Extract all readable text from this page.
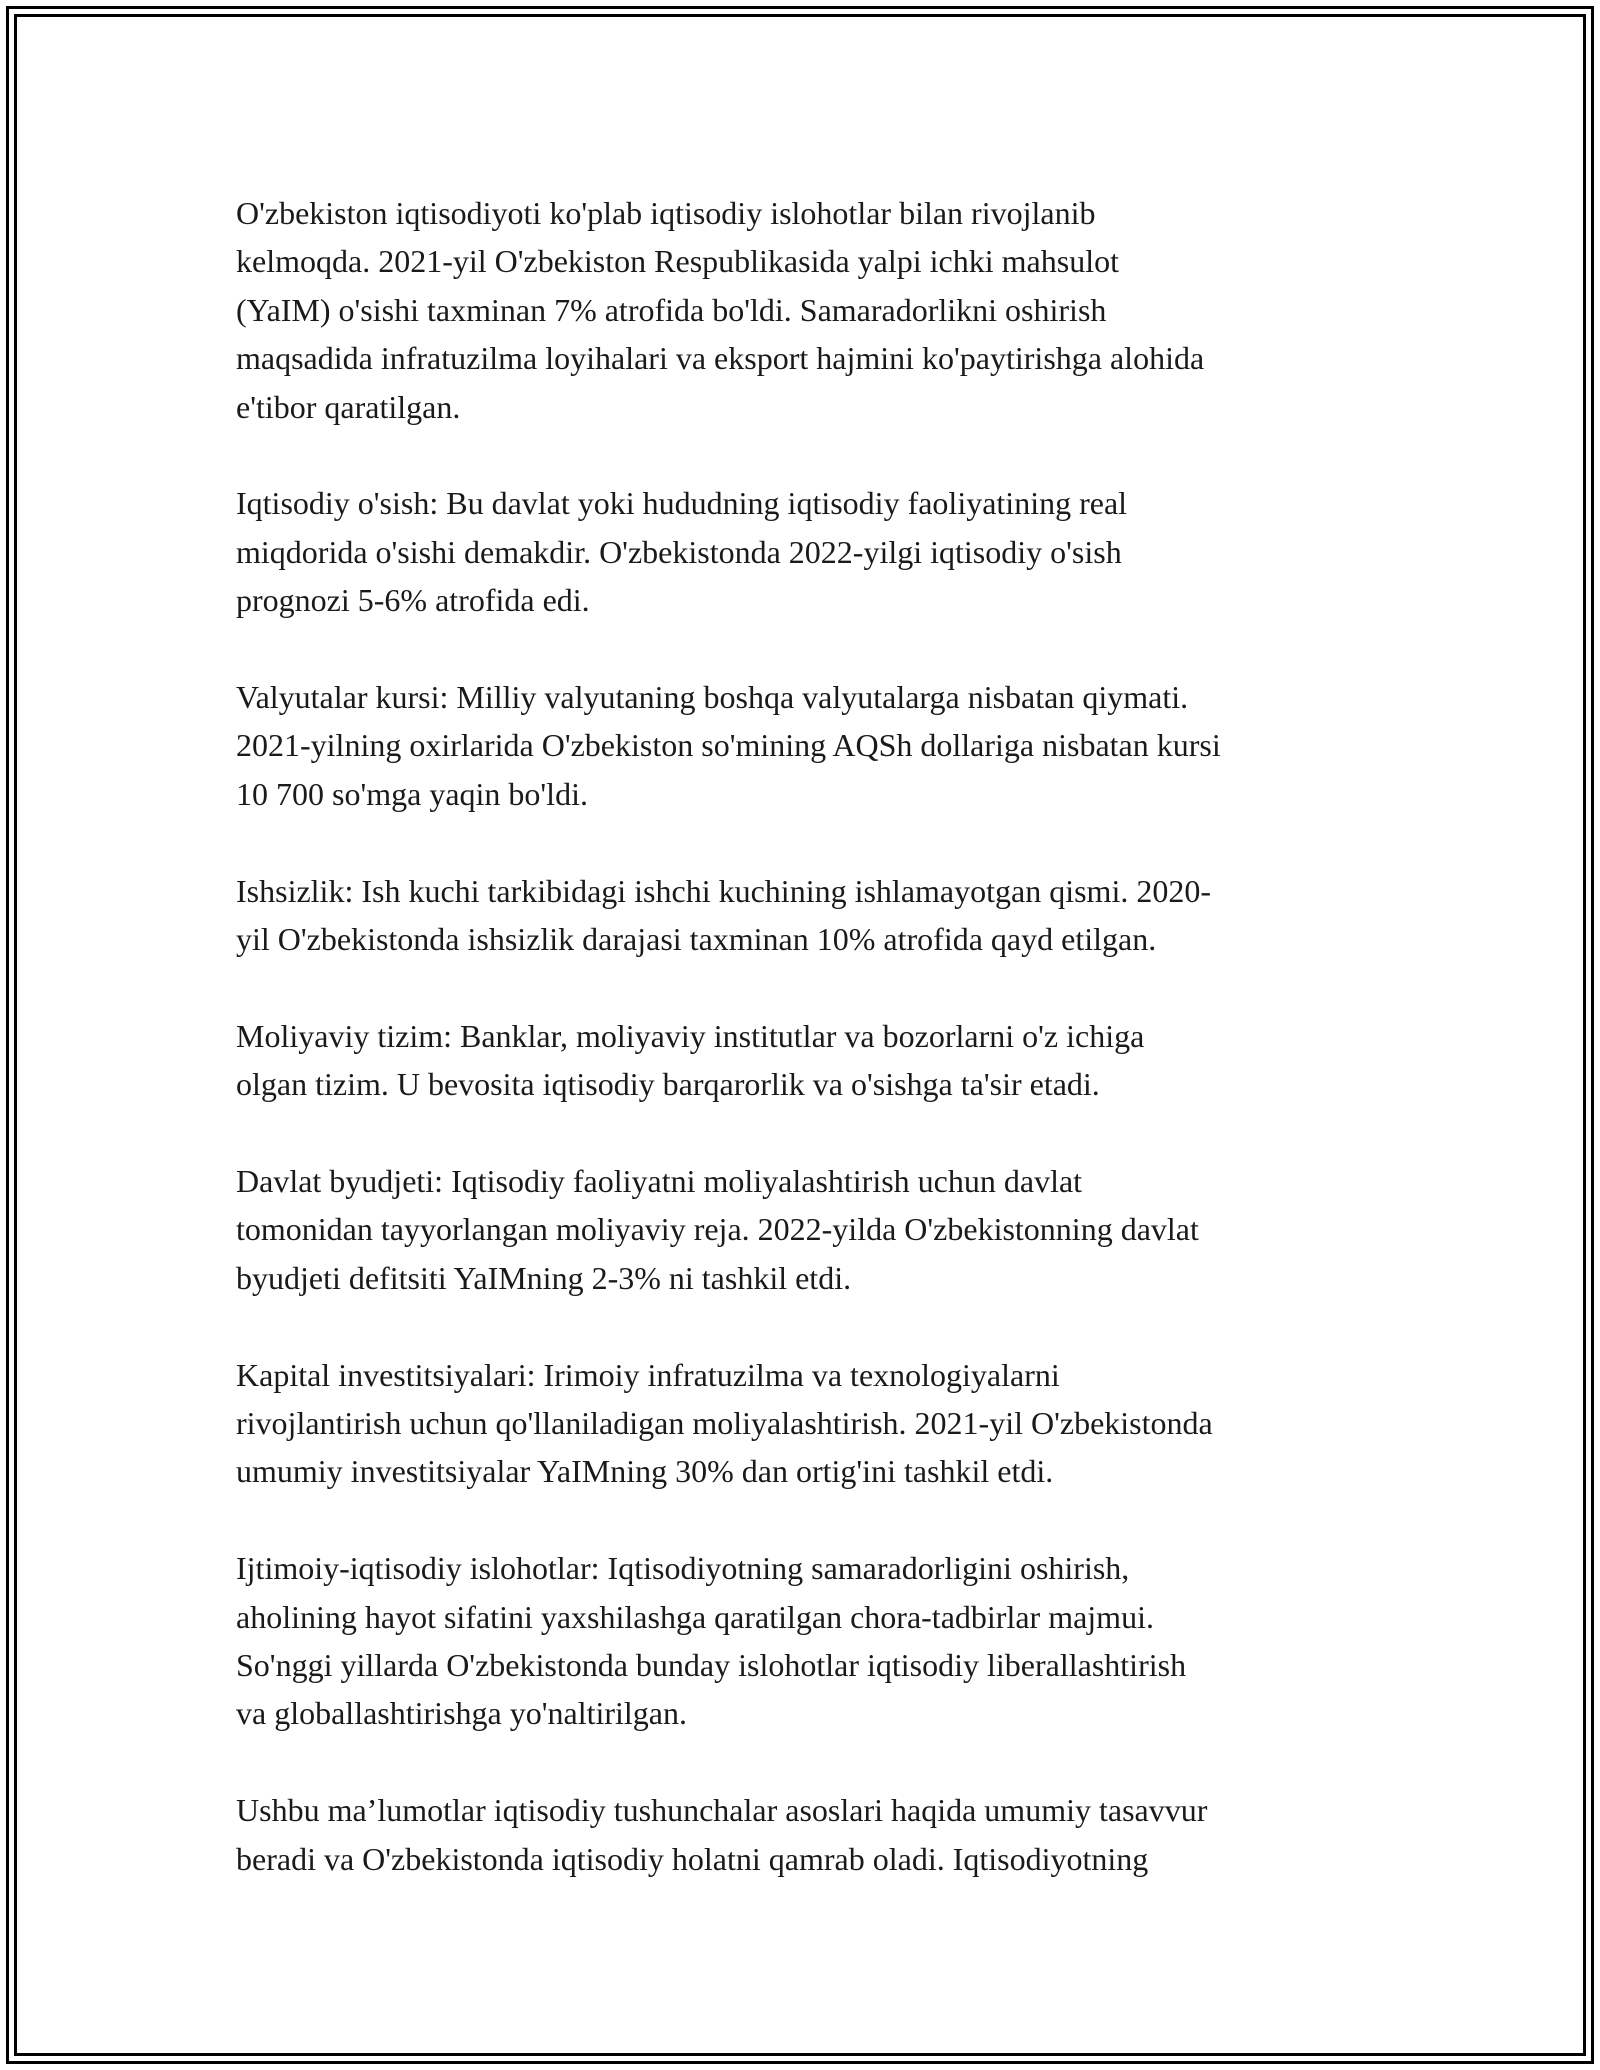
O'zbekiston iqtisodiyoti ko'plab iqtisodiy islohotlar bilan rivojlanib
kelmoqda. 2021-yil O'zbekiston Respublikasida yalpi ichki mahsulot
(YaIM) o'sishi taxminan 7% atrofida bo'ldi. Samaradorlikni oshirish
maqsadida infratuzilma loyihalari va eksport hajmini ko'paytirishga alohida
e'tibor qaratilgan.

Iqtisodiy o'sish: Bu davlat yoki hududning iqtisodiy faoliyatining real
miqdorida o'sishi demakdir. O'zbekistonda 2022-yilgi iqtisodiy o'sish
prognozi 5-6% atrofida edi.

Valyutalar kursi: Milliy valyutaning boshqa valyutalarga nisbatan qiymati.
2021-yilning oxirlarida O'zbekiston so'mining AQSh dollariga nisbatan kursi
10 700 so'mga yaqin bo'ldi.

Ishsizlik: Ish kuchi tarkibidagi ishchi kuchining ishlamayotgan qismi. 2020-
yil O'zbekistonda ishsizlik darajasi taxminan 10% atrofida qayd etilgan.

Moliyaviy tizim: Banklar, moliyaviy institutlar va bozorlarni o'z ichiga
olgan tizim. U bevosita iqtisodiy barqarorlik va o'sishga ta'sir etadi.

Davlat byudjeti: Iqtisodiy faoliyatni moliyalashtirish uchun davlat
tomonidan tayyorlangan moliyaviy reja. 2022-yilda O'zbekistonning davlat
byudjeti defitsiti YaIMning 2-3% ni tashkil etdi.

Kapital investitsiyalari: Irimoiy infratuzilma va texnologiyalarni
rivojlantirish uchun qo'llaniladigan moliyalashtirish. 2021-yil O'zbekistonda
umumiy investitsiyalar YaIMning 30% dan ortig'ini tashkil etdi.

Ijtimoiy-iqtisodiy islohotlar: Iqtisodiyotning samaradorligini oshirish,
aholining hayot sifatini yaxshilashga qaratilgan chora-tadbirlar majmui.
So'nggi yillarda O'zbekistonda bunday islohotlar iqtisodiy liberallashtirish
va globallashtirishga yo'naltirilgan.

Ushbu ma’lumotlar iqtisodiy tushunchalar asoslari haqida umumiy tasavvur
beradi va O'zbekistonda iqtisodiy holatni qamrab oladi. Iqtisodiyotning
